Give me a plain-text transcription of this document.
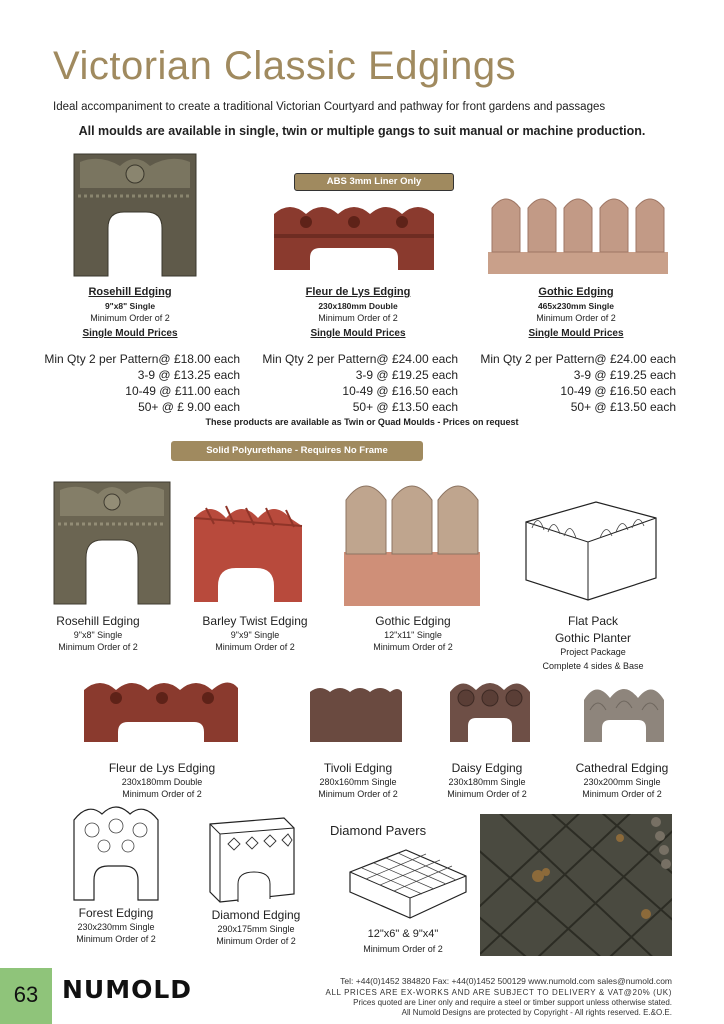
Victorian Classic Edgings
Ideal accompaniment to create a traditional Victorian Courtyard and pathway for front gardens and passages
All moulds are available in single, twin or multiple gangs to suit manual or machine production.
ABS 3mm Liner Only
Rosehill Edging
9"x8" Single
Minimum Order of 2
Single Mould Prices
Min Qty 2 per Pattern@ £18.00 each
3-9 @ £13.25 each
10-49 @ £11.00 each
50+ @ £ 9.00 each
Fleur de Lys Edging
230x180mm Double
Minimum Order of 2
Single Mould Prices
Min Qty 2 per Pattern@ £24.00 each
3-9 @ £19.25 each
10-49 @ £16.50 each
50+ @ £13.50 each
Gothic Edging
465x230mm Single
Minimum Order of 2
Single Mould Prices
Min Qty 2 per Pattern@ £24.00 each
3-9 @ £19.25 each
10-49 @ £16.50 each
50+ @ £13.50 each
These products are available as Twin or Quad Moulds - Prices on request
Solid Polyurethane - Requires No Frame
Rosehill Edging
9"x8" Single
Minimum Order of 2
Barley Twist Edging
9"x9" Single
Minimum Order of 2
Gothic Edging
12"x11" Single
Minimum Order of 2
Flat Pack
Gothic Planter
Project Package
Complete 4 sides & Base
Fleur de Lys Edging
230x180mm Double
Minimum Order of 2
Tivoli Edging
280x160mm Single
Minimum Order of 2
Daisy Edging
230x180mm Single
Minimum Order of 2
Cathedral Edging
230x200mm Single
Minimum Order of 2
Forest Edging
230x230mm Single
Minimum Order of 2
Diamond Edging
290x175mm Single
Minimum Order of 2
Diamond Pavers
12"x6" & 9"x4"
Minimum Order of 2
63 NUMOLD	Tel: +44(0)1452 384820 Fax: +44(0)1452 500129 www.numold.com sales@numold.com
ALL PRICES ARE EX-WORKS AND ARE SUBJECT TO DELIVERY & VAT@20% (UK)
Prices quoted are Liner only and require a steel or timber support unless otherwise stated.
All Numold Designs are protected by Copyright - All rights reserved. E.&O.E.
